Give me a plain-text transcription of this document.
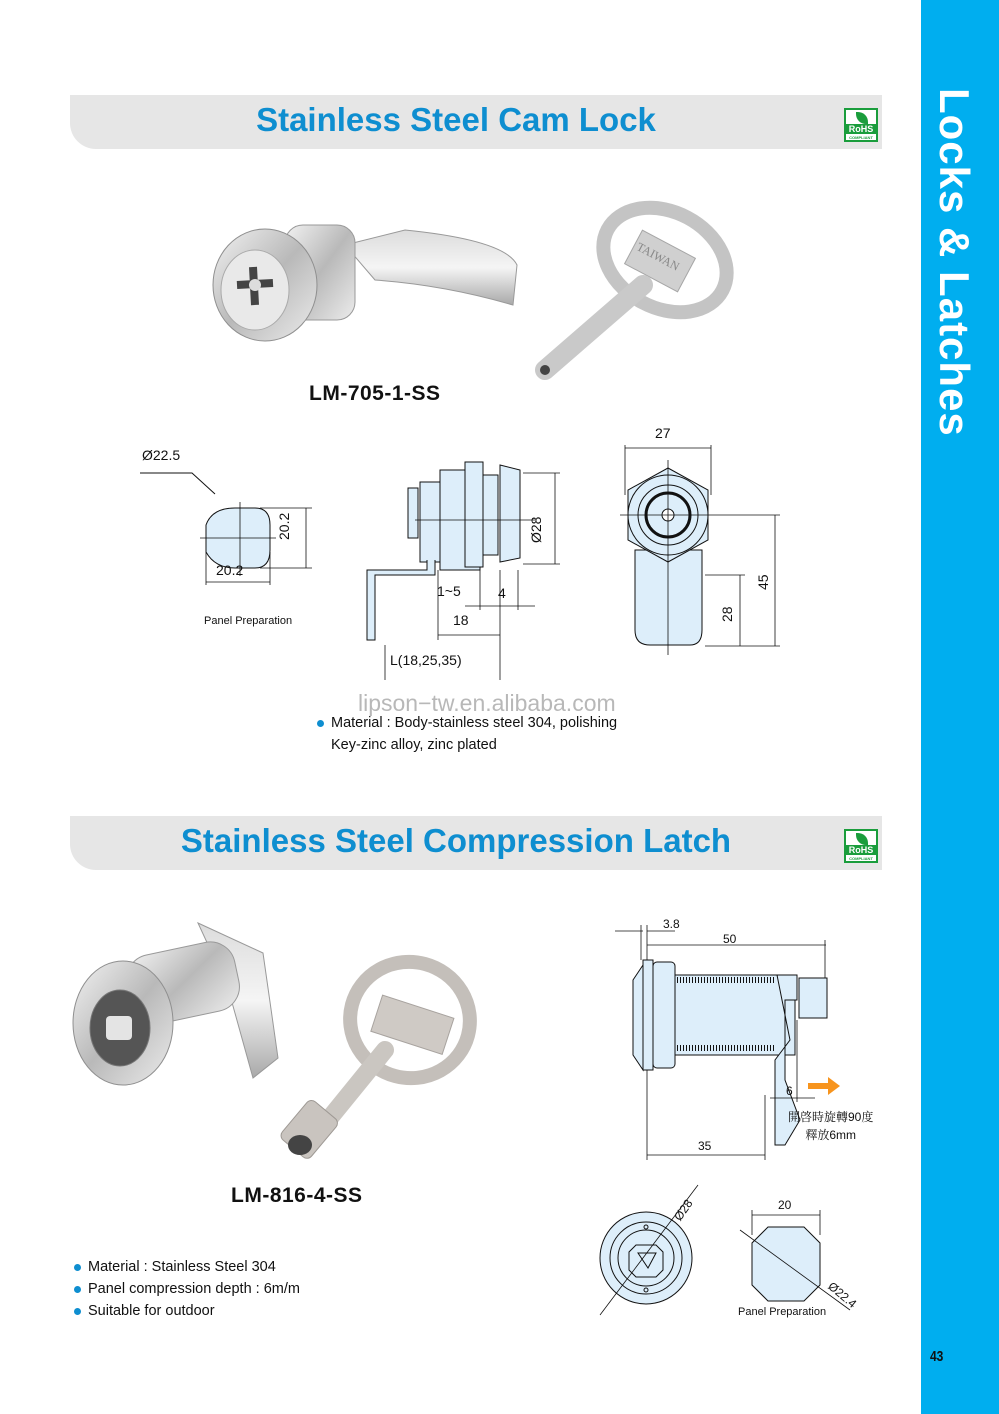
Locks & Latches
43
Stainless Steel Cam Lock	RoHS
COMPLIANT
TAIWAN
LM-705-1-SS
Ø22.5
20.2
20.2
Panel Preparation
Ø28
1~5	4
18
L(18,25,35)
27
45
28
lipson−tw.en.alibaba.com
Material : Body-stainless steel 304, polishing
Key-zinc alloy, zinc plated
Stainless Steel Compression Latch	RoHS
COMPLIANT
LM-816-4-SS
3.8
50
6
35
開啓時旋轉90度
釋放6mm
Ø28	20
Ø22.4
Panel Preparation
Material : Stainless Steel 304
Panel compression depth : 6m/m
Suitable for outdoor
